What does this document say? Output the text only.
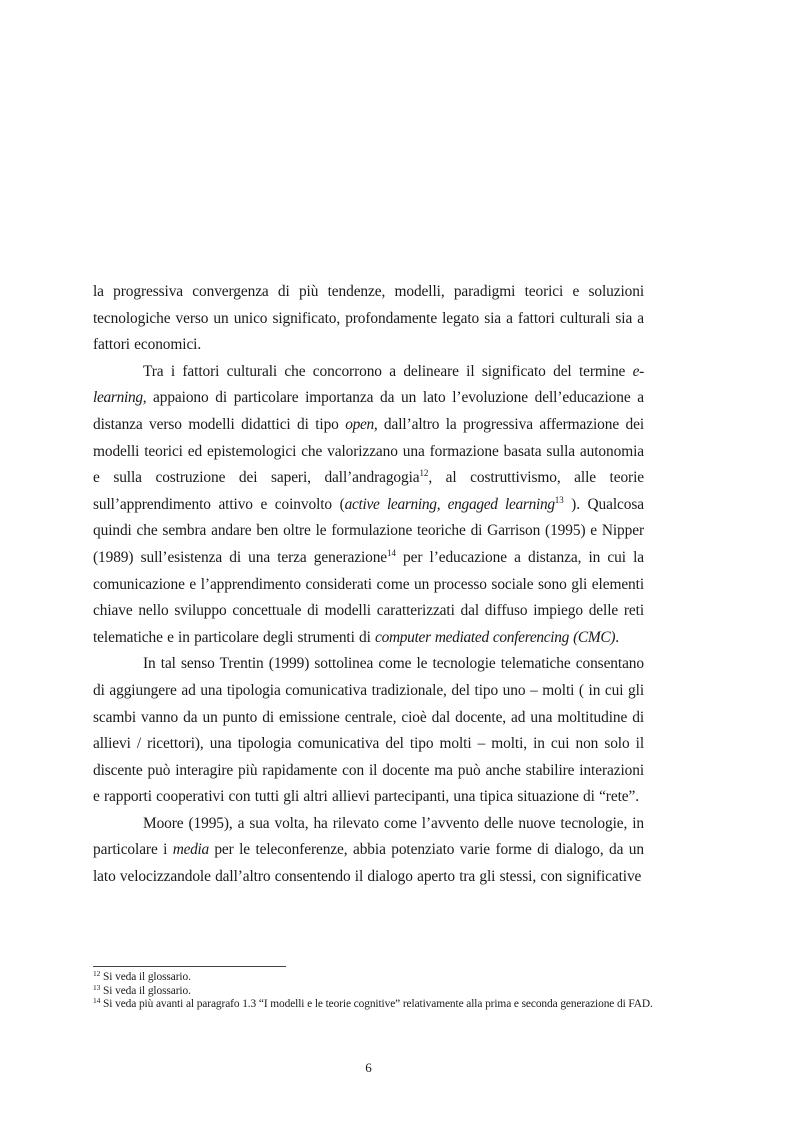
la progressiva convergenza di più tendenze, modelli, paradigmi teorici e soluzioni tecnologiche verso un unico significato, profondamente legato sia a fattori culturali sia a fattori economici.

Tra i fattori culturali che concorrono a delineare il significato del termine e-learning, appaiono di particolare importanza da un lato l’evoluzione dell’educazione a distanza verso modelli didattici di tipo open, dall’altro la progressiva affermazione dei modelli teorici ed epistemologici che valorizzano una formazione basata sulla autonomia e sulla costruzione dei saperi, dall’andragogia$^{12}$, al costruttivismo, alle teorie sull’apprendimento attivo e coinvolto (active learning, engaged learning$^{13}$ ). Qualcosa quindi che sembra andare ben oltre le formulazione teoriche di Garrison (1995) e Nipper (1989) sull’esistenza di una terza generazione$^{14}$ per l’educazione a distanza, in cui la comunicazione e l’apprendimento considerati come un processo sociale sono gli elementi chiave nello sviluppo concettuale di modelli caratterizzati dal diffuso impiego delle reti telematiche e in particolare degli strumenti di computer mediated conferencing (CMC).

In tal senso Trentin (1999) sottolinea come le tecnologie telematiche consentano di aggiungere ad una tipologia comunicativa tradizionale, del tipo uno – molti ( in cui gli scambi vanno da un punto di emissione centrale, cioè dal docente, ad una moltitudine di allievi / ricettori), una tipologia comunicativa del tipo molti – molti, in cui non solo il discente può interagire più rapidamente con il docente ma può anche stabilire interazioni e rapporti cooperativi con tutti gli altri allievi partecipanti, una tipica situazione di “rete”.

Moore (1995), a sua volta, ha rilevato come l’avvento delle nuove tecnologie, in particolare i media per le teleconferenze, abbia potenziato varie forme di dialogo, da un lato velocizzandole dall’altro consentendo il dialogo aperto tra gli stessi, con significative

$^{12}$ Si veda il glossario.
$^{13}$ Si veda il glossario.
$^{14}$ Si veda più avanti al paragrafo 1.3 “I modelli e le teorie cognitive” relativamente alla prima e seconda generazione di FAD.
6
